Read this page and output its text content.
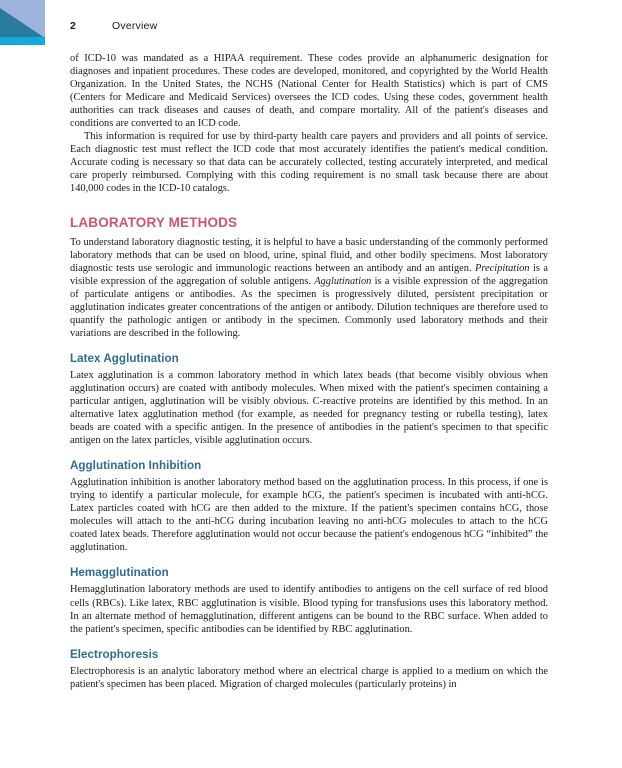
2	Overview

of ICD-10 was mandated as a HIPAA requirement. These codes provide an alphanumeric designation for diagnoses and inpatient procedures. These codes are developed, monitored, and copyrighted by the World Health Organization. In the United States, the NCHS (National Center for Health Statistics) which is part of CMS (Centers for Medicare and Medicaid Services) oversees the ICD codes. Using these codes, government health authorities can track diseases and causes of death, and compare mortality. All of the patient's diseases and conditions are converted to an ICD code.

This information is required for use by third-party health care payers and providers and all points of service. Each diagnostic test must reflect the ICD code that most accurately identifies the patient's medical condition. Accurate coding is necessary so that data can be accurately collected, testing accurately interpreted, and medical care properly reimbursed. Complying with this coding requirement is no small task because there are about 140,000 codes in the ICD-10 catalogs.

LABORATORY METHODS

To understand laboratory diagnostic testing, it is helpful to have a basic understanding of the commonly performed laboratory methods that can be used on blood, urine, spinal fluid, and other bodily specimens. Most laboratory diagnostic tests use serologic and immunologic reactions between an antibody and an antigen. Precipitation is a visible expression of the aggregation of soluble antigens. Agglutination is a visible expression of the aggregation of particulate antigens or antibodies. As the specimen is progressively diluted, persistent precipitation or agglutination indicates greater concentrations of the antigen or antibody. Dilution techniques are therefore used to quantify the pathologic antigen or antibody in the specimen. Commonly used laboratory methods and their variations are described in the following.

Latex Agglutination

Latex agglutination is a common laboratory method in which latex beads (that become visibly obvious when agglutination occurs) are coated with antibody molecules. When mixed with the patient's specimen containing a particular antigen, agglutination will be visibly obvious. C-reactive proteins are identified by this method. In an alternative latex agglutination method (for example, as needed for pregnancy testing or rubella testing), latex beads are coated with a specific antigen. In the presence of antibodies in the patient's specimen to that specific antigen on the latex particles, visible agglutination occurs.

Agglutination Inhibition

Agglutination inhibition is another laboratory method based on the agglutination process. In this process, if one is trying to identify a particular molecule, for example hCG, the patient's specimen is incubated with anti-hCG. Latex particles coated with hCG are then added to the mixture. If the patient's specimen contains hCG, those molecules will attach to the anti-hCG during incubation leaving no anti-hCG molecules to attach to the hCG coated latex beads. Therefore agglutination would not occur because the patient's endogenous hCG “inhibited” the agglutination.

Hemagglutination

Hemagglutination laboratory methods are used to identify antibodies to antigens on the cell surface of red blood cells (RBCs). Like latex, RBC agglutination is visible. Blood typing for transfusions uses this laboratory method. In an alternate method of hemagglutination, different antigens can be bound to the RBC surface. When added to the patient's specimen, specific antibodies can be identified by RBC agglutination.

Electrophoresis

Electrophoresis is an analytic laboratory method where an electrical charge is applied to a medium on which the patient's specimen has been placed. Migration of charged molecules (particularly proteins) in
